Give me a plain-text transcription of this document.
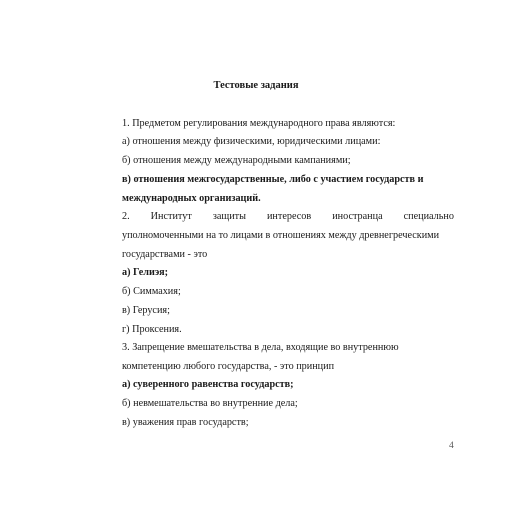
Тестовые задания
1. Предметом регулирования международного права являются:
а) отношения между физическими, юридическими лицами:
б) отношения между международными кампаниями;
в) отношения межгосударственные, либо с участием государств и
международных организаций.
2. Институт защиты интересов иностранца специально
уполномоченными на то лицами в отношениях между древнегреческими
государствами - это
а) Гелиэя;
б) Симмахия;
в) Герусия;
г) Проксения.
3. Запрещение вмешательства в дела, входящие во внутреннюю
компетенцию любого государства, - это принцип
а) суверенного равенства государств;
б) невмешательства во внутренние дела;
в) уважения прав государств;
4
